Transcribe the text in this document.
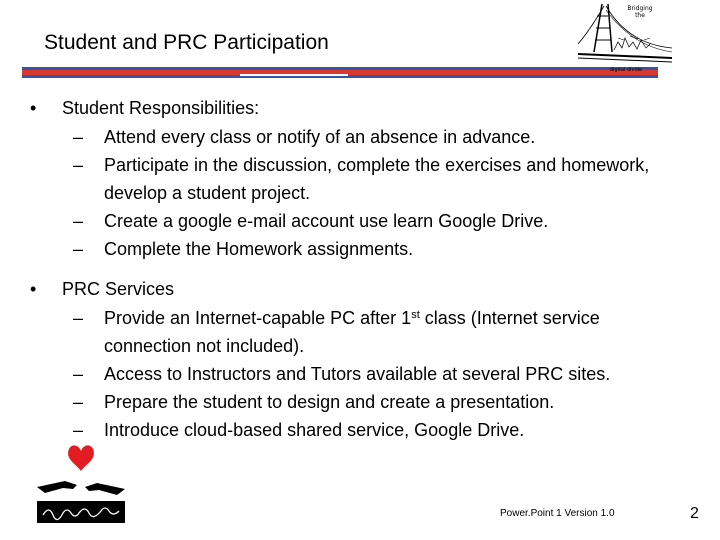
Student and PRC Participation
Bridging
the
digital divide
• Student Responsibilities:
– Attend every class or notify of an absence in advance.
– Participate in the discussion, complete the exercises and homework, develop a student project.
– Create a google e-mail account use learn Google Drive.
– Complete the Homework assignments.
• PRC Services
– Provide an Internet-capable PC after 1st class (Internet service connection not included).
– Access to Instructors and Tutors available at several PRC sites.
– Prepare the student to design and create a presentation.
– Introduce cloud-based shared service, Google Drive.
Power.Point 1 Version 1.0	2
